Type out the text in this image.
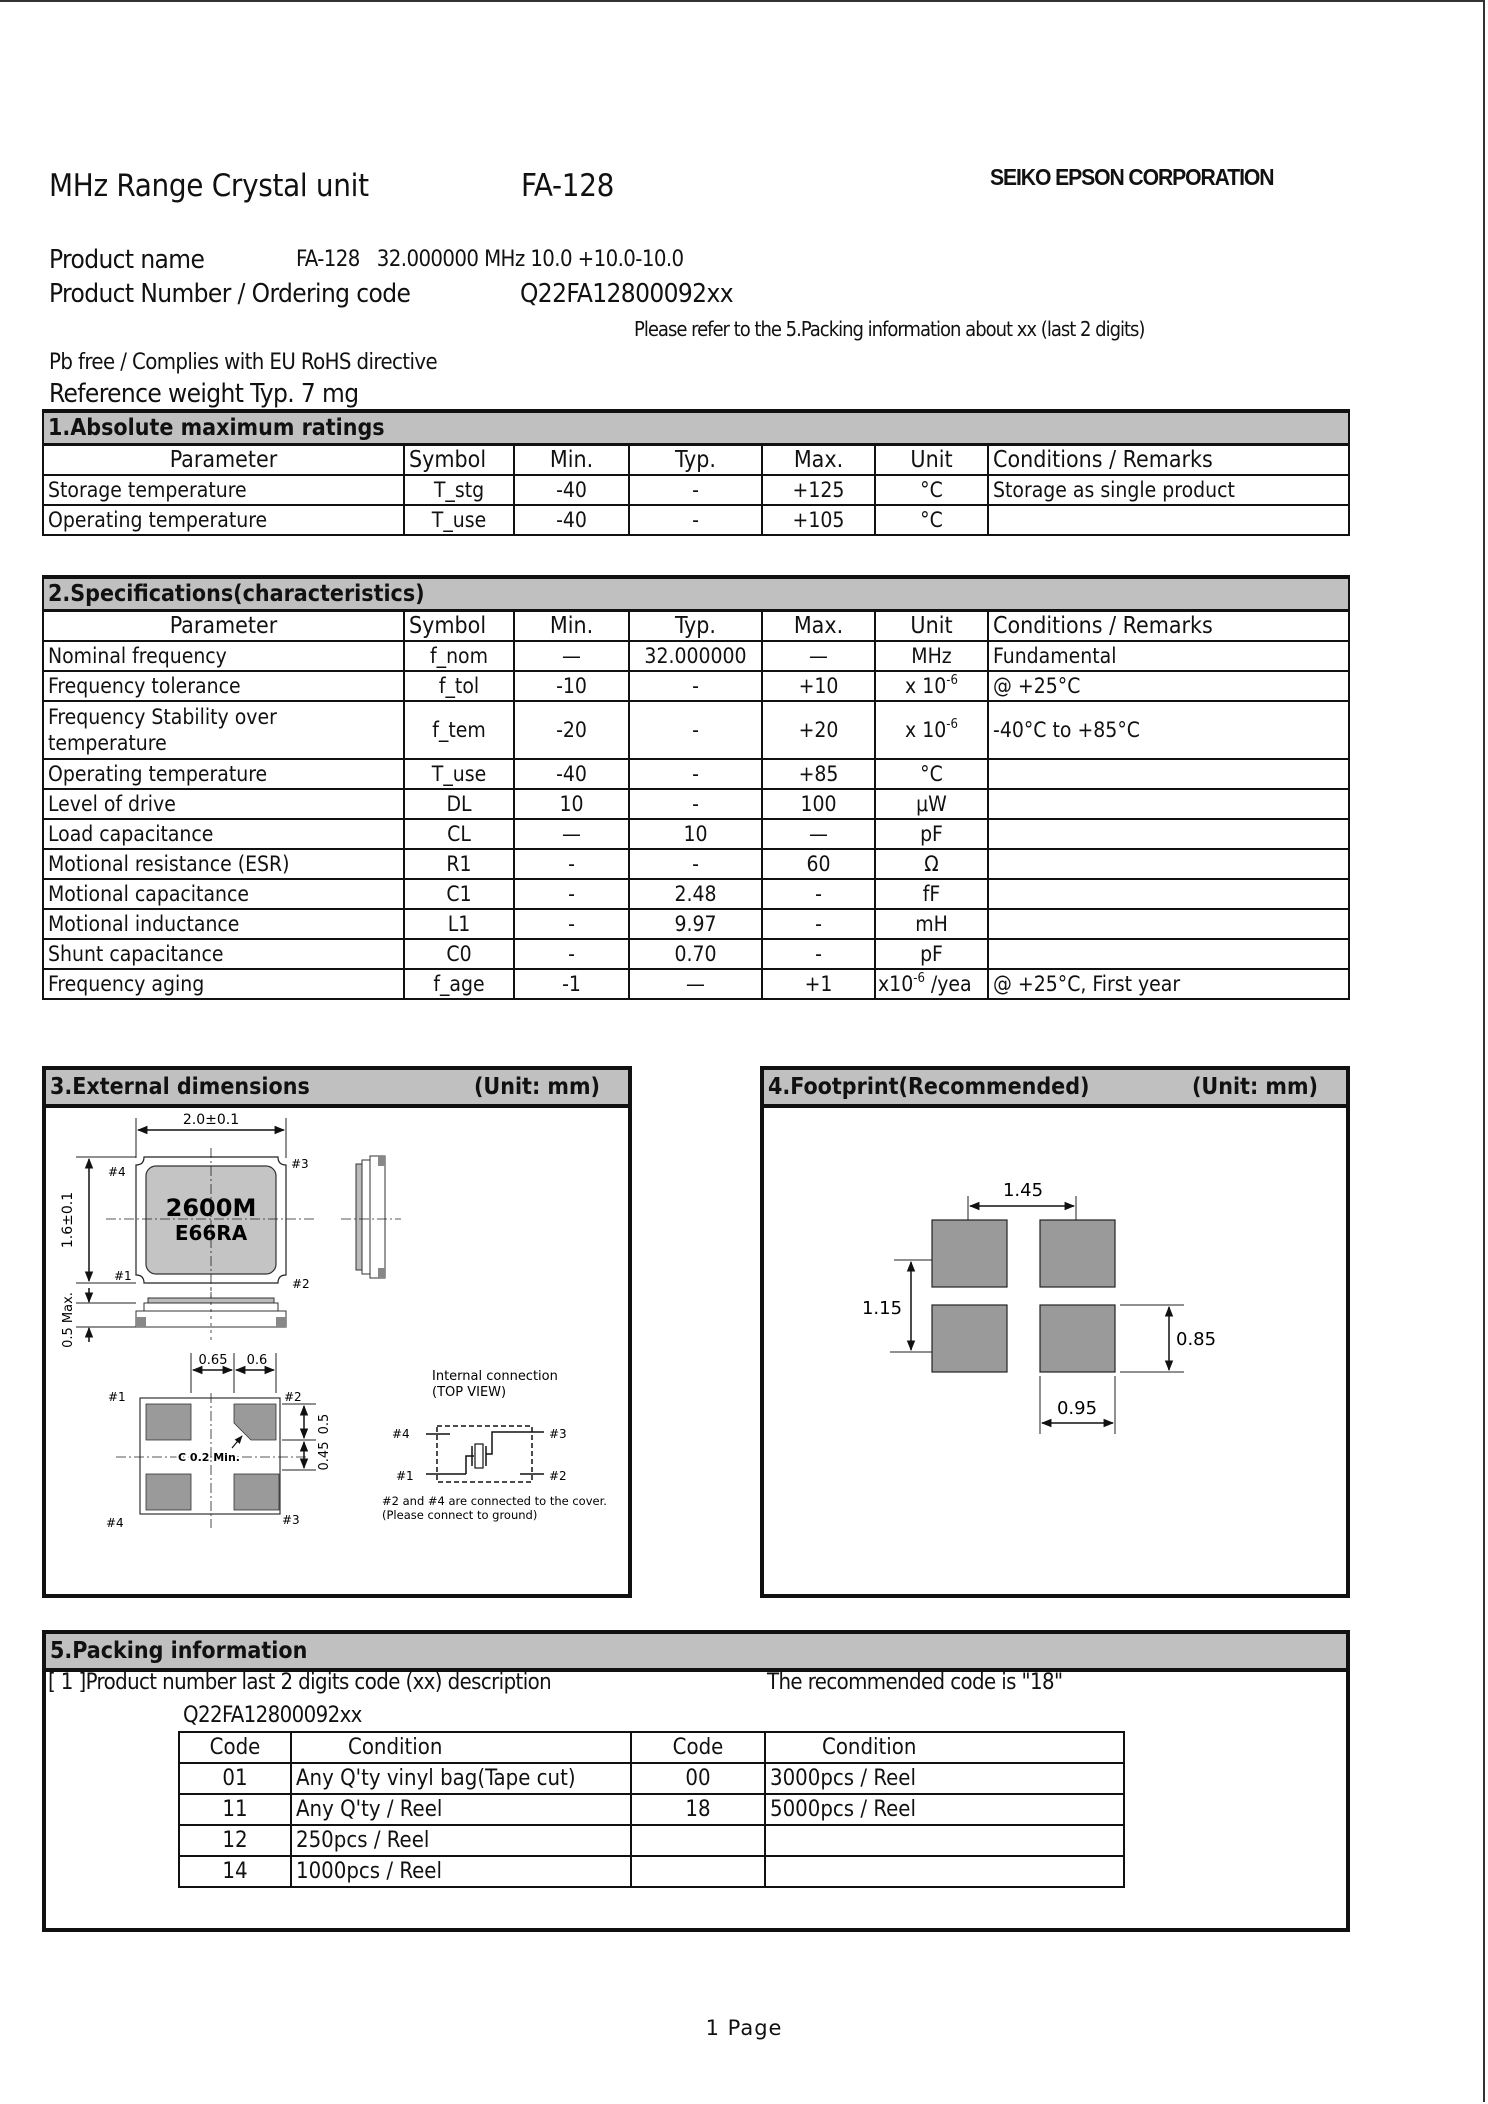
MHz Range Crystal unit	FA-128	SEIKO EPSON CORPORATION
Product name	FA-128   32.000000 MHz 10.0 +10.0-10.0
Product Number / Ordering code	Q22FA12800092xx
Please refer to the 5.Packing information about xx (last 2 digits)
Pb free / Complies with EU RoHS directive
Reference weight Typ. 7 mg
1.Absolute maximum ratings						
Parameter	Symbol	Min.	Typ.	Max.	Unit	Conditions / Remarks
Storage temperature	T_stg	-40	-	+125	°C	Storage as single product
Operating temperature	T_use	-40	-	+105	°C	
2.Specifications(characteristics)						
Parameter	Symbol	Min.	Typ.	Max.	Unit	Conditions / Remarks
Nominal frequency	f_nom	—	32.000000	—	MHz	Fundamental
Frequency tolerance	f_tol	-10	-	+10	x $10^{-6}$	@ +25°C
Frequency Stability over temperature	f_tem	-20	-	+20	x $10^{-6}$	-40°C to +85°C
Operating temperature	T_use	-40	-	+85	°C	
Level of drive	DL	10	-	100	μW	
Load capacitance	CL	—	10	—	pF	
Motional resistance (ESR)	R1	-	-	60	Ω	
Motional capacitance	C1	-	2.48	-	fF	
Motional inductance	L1	-	9.97	-	mH	
Shunt capacitance	C0	-	0.70	-	pF	
Frequency aging	f_age	-1	—	+1	$x10^{-6}$ /yea	@ +25°C, First year
3.External dimensions	(Unit: mm)
2.0±0.1
2600M
E66RA
1.6±0.1
#4
#3
#1
#2
0.5 Max.
0.65 0.6
C 0.2 Min.
0.5
0.45
#1	#2
#4	#3
Internal connection
(TOP VIEW)
#4	#3
#1	#2
#2 and #4 are connected to the cover.
(Please connect to ground)
4.Footprint(Recommended)	(Unit: mm)
1.45
1.15
0.85
0.95
5.Packing information
[ 1 ]Product number last 2 digits code (xx) description	The recommended code is "18"
Q22FA12800092xx
Code	Condition	Code	Condition
01	Any Q'ty vinyl bag(Tape cut)	00	3000pcs / Reel
11	Any Q'ty / Reel	18	5000pcs / Reel
12	250pcs / Reel		
14	1000pcs / Reel		
1 Page
